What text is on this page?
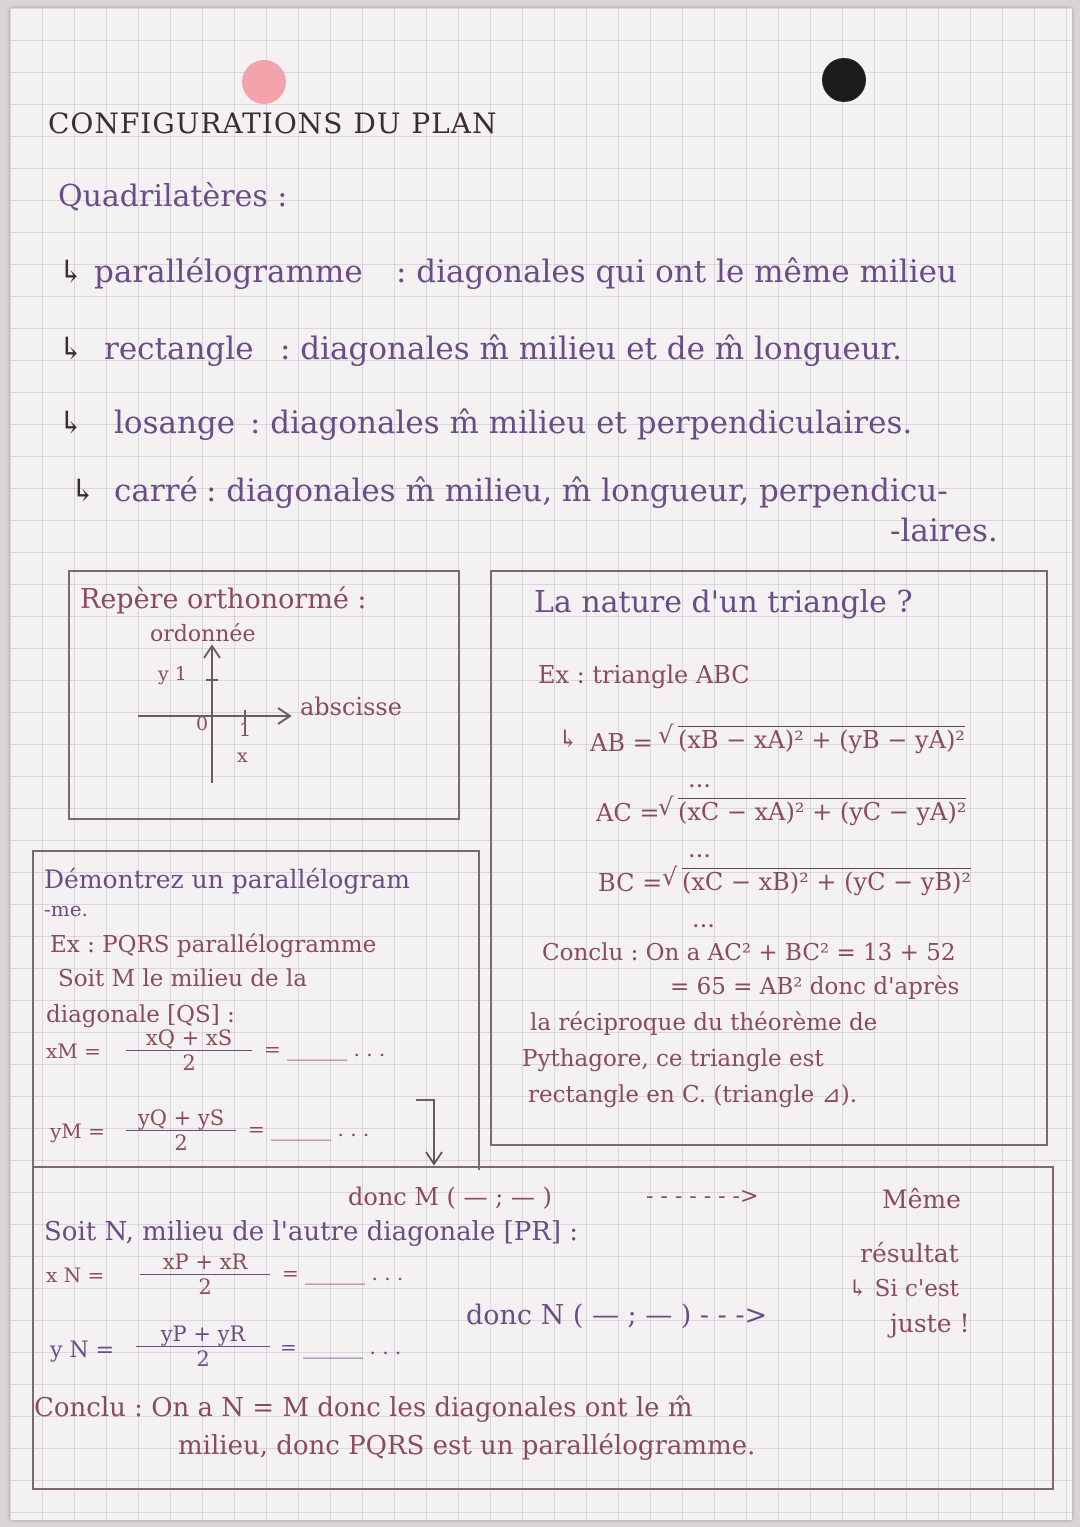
CONFIGURATIONS DU PLAN
Quadrilatères :
↳ parallélogramme : diagonales qui ont le même milieu
↳ rectangle : diagonales m̂ milieu et de m̂ longueur.
↳ losange : diagonales m̂ milieu et perpendiculaires.
↳ carré : diagonales m̂ milieu, m̂ longueur, perpendicu-
-laires.
Repère orthonormé :
ordonnée
y 1
abscisse
0 1
x
La nature d'un triangle ?
Ex : triangle ABC
↳ AB = √ (xB − xA)² + (yB − yA)²
...
AC =
√ (xC − xA)² + (yC − yA)²
...
BC = √ (xC − xB)² + (yC − yB)²
...
Conclu : On a AC² + BC² = 13 + 52
= 65 = AB² donc d'après
la réciproque du théorème de
Pythagore, ce triangle est
rectangle en C. (triangle ⊿).
Démontrez un parallélogram
-me.
Ex : PQRS parallélogramme
Soit M le milieu de la
diagonale [QS] :
xM = $\frac{xQ + xS}{2}$ = ______ . . .
yM = $\frac{yQ + yS}{2}$ = ______ . . .
donc M ( — ; — )	- - - - - - ->	Même
résultat
↳ Si c'est
juste !
Soit N, milieu de l'autre diagonale [PR] :
x $N = \frac{xP + xR}{2}$ = ______ . . .
donc N ( — ; — ) - - ->
y $N = \frac{yP + yR}{2}$ = ______ . . .
Conclu : On a N = M donc les diagonales ont le m̂
milieu, donc PQRS est un parallélogramme.
